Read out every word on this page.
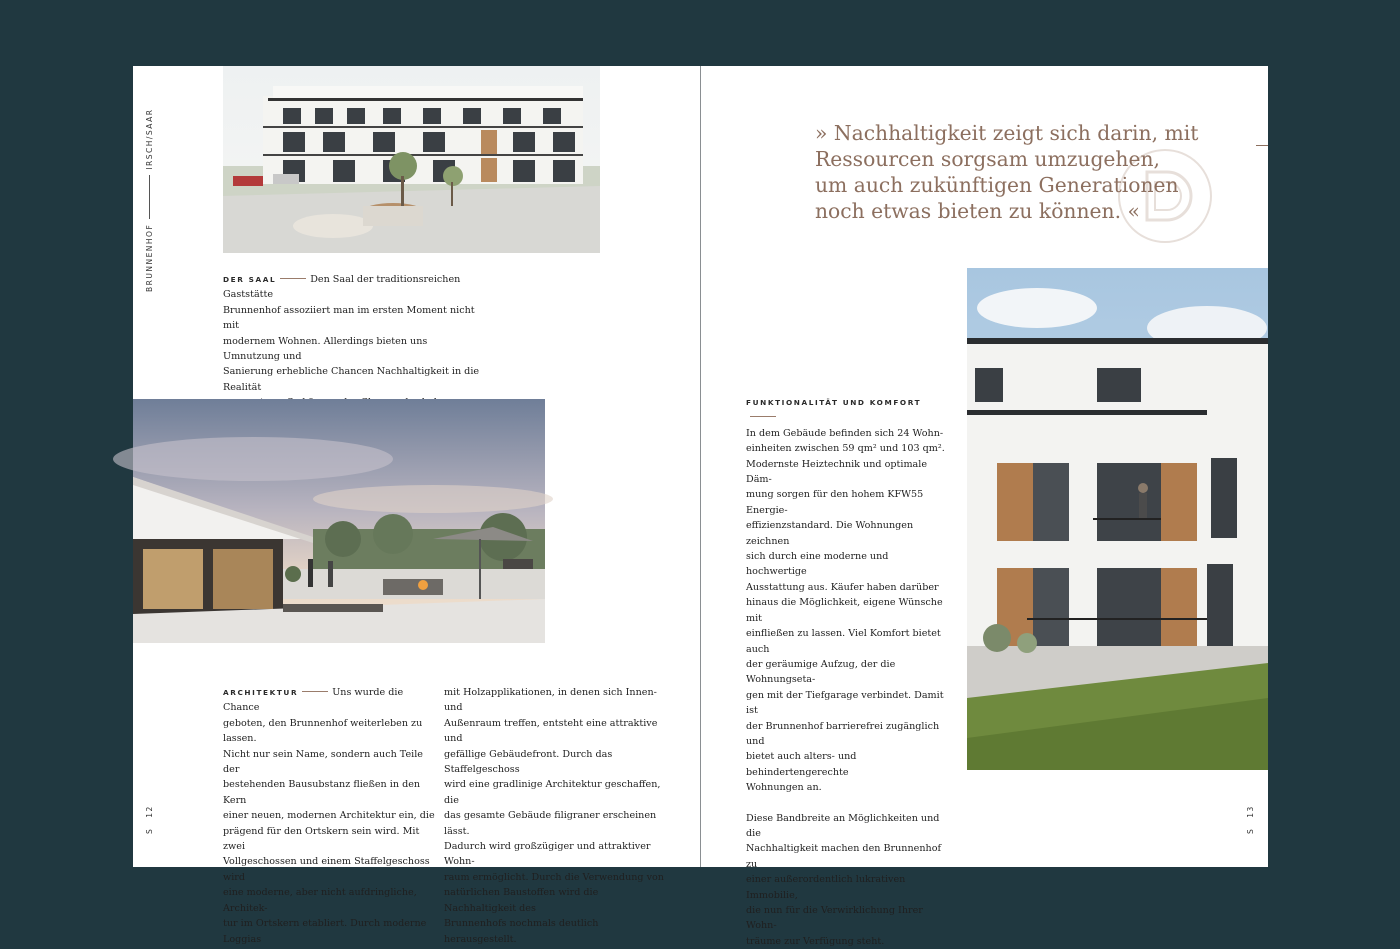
BRUNNENHOFIRSCH/SAAR

DER SAAL	Den Saal der traditionsreichen Gaststätte
Brunnenhof assoziiert man im ersten Moment nicht mit
modernem Wohnen. Allerdings bieten uns Umnutzung und
Sanierung erhebliche Chancen Nachhaltigkeit in die Realität

ARCHITEKTUR	Uns wurde die Chance
geboten, den Brunnenhof weiterleben zu lassen.
Nicht nur sein Name, sondern auch Teile der
bestehenden Bausubstanz fließen in den Kern
einer neuen, modernen Architektur ein, die
prägend für den Ortskern sein wird. Mit zwei
Vollgeschossen und einem Staffelgeschoss wird
eine moderne, aber nicht aufdringliche, Architek-
tur im Ortskern etabliert. Durch moderne Loggias

mit Holzapplikationen, in denen sich Innen- und
Außenraum treffen, entsteht eine attraktive und
gefällige Gebäudefront. Durch das Staffelgeschoss
wird eine gradlinige Architektur geschaffen, die
das gesamte Gebäude filigraner erscheinen lässt.
Dadurch wird großzügiger und attraktiver Wohn-
raum ermöglicht. Durch die Verwendung von
natürlichen Baustoffen wird die Nachhaltigkeit des
Brunnenhofs nochmals deutlich herausgestellt.

S12

» Nachhaltigkeit zeigt sich darin, mit
Ressourcen sorgsam umzugehen,
um auch zukünftigen Generationen
noch etwas bieten zu können. «

FUNKTIONALITÄT UND KOMFORT

In dem Gebäude befinden sich 24 Wohn-
einheiten zwischen 59 qm² und 103 qm².
Modernste Heiztechnik und optimale Däm-
mung sorgen für den hohem KFW55 Energie-
effizienzstandard. Die Wohnungen zeichnen
sich durch eine moderne und hochwertige
Ausstattung aus. Käufer haben darüber
hinaus die Möglichkeit, eigene Wünsche mit
einfließen zu lassen. Viel Komfort bietet auch
der geräumige Aufzug, der die Wohnungseta-
gen mit der Tiefgarage verbindet. Damit ist
der Brunnenhof barrierefrei zugänglich und
bietet auch alters- und behindertengerechte
Wohnungen an.

Diese Bandbreite an Möglichkeiten und die
Nachhaltigkeit machen den Brunnenhof zu
einer außerordentlich lukrativen Immobilie,
die nun für die Verwirklichung Ihrer Wohn-
träume zur Verfügung steht.

S13
